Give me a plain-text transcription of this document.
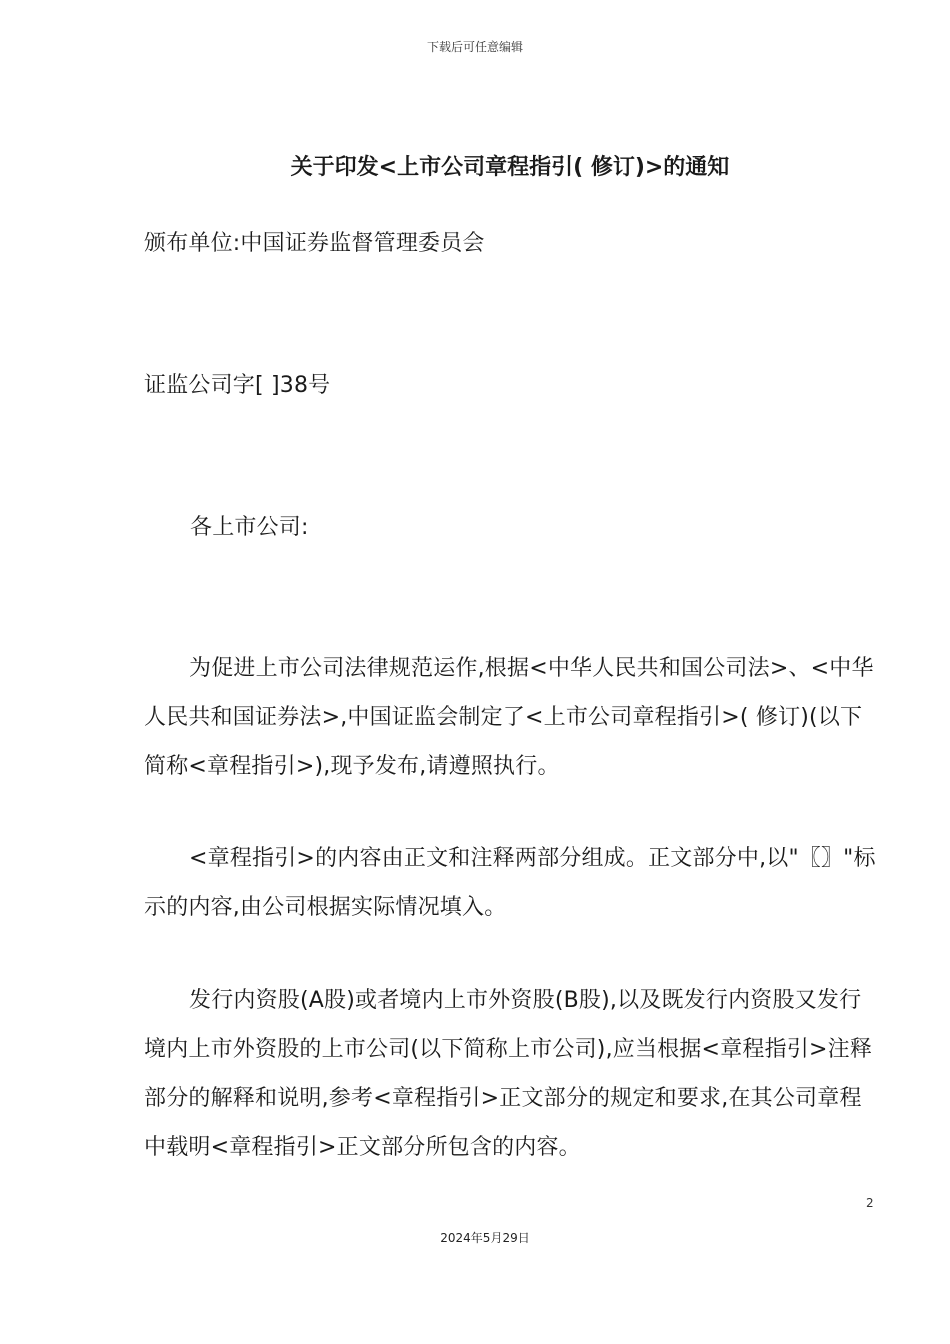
下载后可任意编辑
关于印发<上市公司章程指引( 修订)>的通知
颁布单位:中国证券监督管理委员会
证监公司字[ ]38号
各上市公司:
为促进上市公司法律规范运作,根据<中华人民共和国公司法>、<中华人民共和国证券法>,中国证监会制定了<上市公司章程指引>( 修订)(以下简称<章程指引>),现予发布,请遵照执行。
<章程指引>的内容由正文和注释两部分组成。正文部分中,以"〖〗"标示的内容,由公司根据实际情况填入。
发行内资股(A股)或者境内上市外资股(B股),以及既发行内资股又发行境内上市外资股的上市公司(以下简称上市公司),应当根据<章程指引>注释部分的解释和说明,参考<章程指引>正文部分的规定和要求,在其公司章程中载明<章程指引>正文部分所包含的内容。
2
2024年5月29日
